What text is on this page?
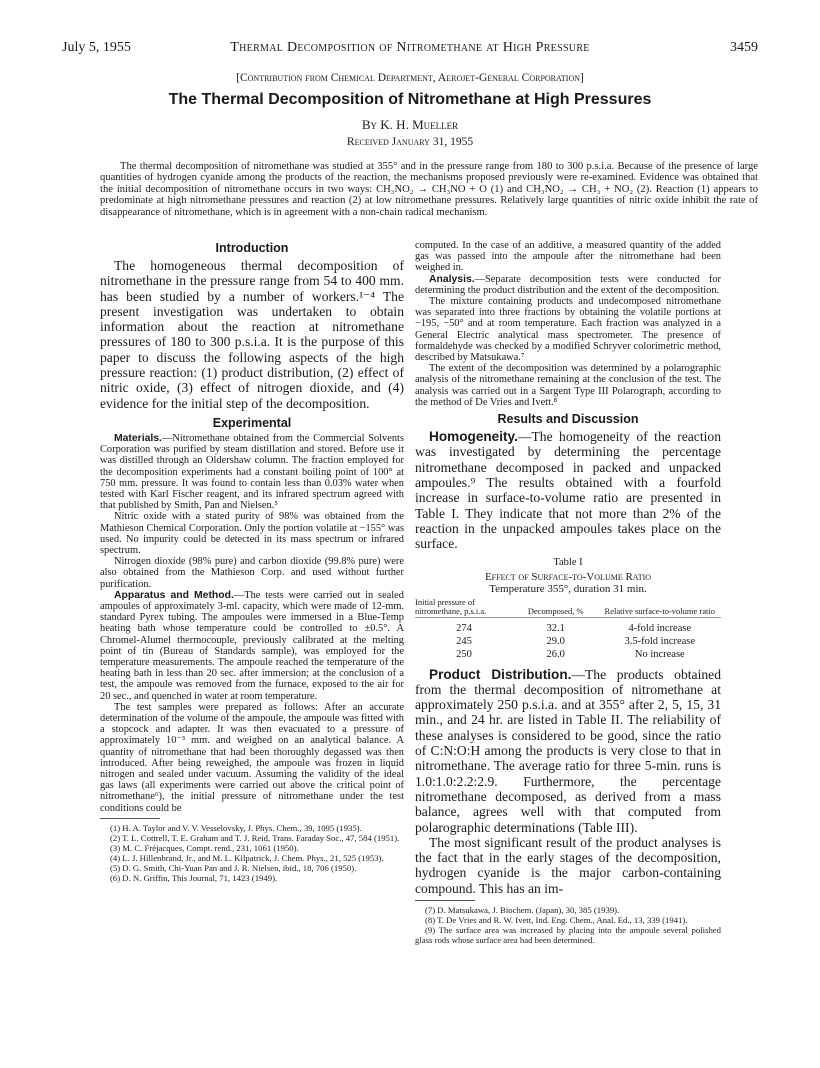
July 5, 1955	Thermal Decomposition of Nitromethane at High Pressure	3459
[Contribution from Chemical Department, Aerojet-General Corporation]
The Thermal Decomposition of Nitromethane at High Pressures
By K. H. Mueller
Received January 31, 1955
The thermal decomposition of nitromethane was studied at 355° and in the pressure range from 180 to 300 p.s.i.a. Because of the presence of large quantities of hydrogen cyanide among the products of the reaction, the mechanisms proposed previously were re-examined. Evidence was obtained that the initial decomposition of nitromethane occurs in two ways: CH₃NO₂ → CH₃NO + O (1) and CH₃NO₂ → CH₃ + NO₂ (2). Reaction (1) appears to predominate at high nitromethane pressures and reaction (2) at low nitromethane pressures. Relatively large quantities of nitric oxide inhibit the rate of disappearance of nitromethane, which is in agreement with a non-chain radical mechanism.
Introduction

The homogeneous thermal decomposition of nitromethane in the pressure range from 54 to 400 mm. has been studied by a number of workers.¹⁻⁴ The present investigation was undertaken to obtain information about the reaction at nitromethane pressures of 180 to 300 p.s.i.a. It is the purpose of this paper to discuss the following aspects of the high pressure reaction: (1) product distribution, (2) effect of nitric oxide, (3) effect of nitrogen dioxide, and (4) evidence for the initial step of the decomposition.

Experimental

Materials.—Nitromethane obtained from the Commercial Solvents Corporation was purified by steam distillation and stored. Before use it was distilled through an Oldershaw column. The fraction employed for the decomposition experiments had a constant boiling point of 100° at 750 mm. pressure. It was found to contain less than 0.03% water when tested with Karl Fischer reagent, and its infrared spectrum agreed with that published by Smith, Pan and Nielsen.⁵

Nitric oxide with a stated purity of 98% was obtained from the Mathieson Chemical Corporation. Only the portion volatile at −155° was used. No impurity could be detected in its mass spectrum or infrared spectrum.

Nitrogen dioxide (98% pure) and carbon dioxide (99.8% pure) were also obtained from the Mathieson Corp. and used without further purification.

Apparatus and Method.—The tests were carried out in sealed ampoules of approximately 3-ml. capacity, which were made of 12-mm. standard Pyrex tubing. The ampoules were immersed in a Blue-Temp heating bath whose temperature could be controlled to ±0.5°. A Chromel-Alumel thermocouple, previously calibrated at the melting point of tin (Bureau of Standards sample), was employed for the temperature measurements. The ampoule reached the temperature of the heating bath in less than 20 sec. after immersion; at the conclusion of a test, the ampoule was removed from the furnace, exposed to the air for 20 sec., and quenched in water at room temperature.

The test samples were prepared as follows: After an accurate determination of the volume of the ampoule, the ampoule was fitted with a stopcock and adapter. It was then evacuated to a pressure of approximately 10⁻³ mm. and weighed on an analytical balance. A quantity of nitromethane that had been thoroughly degassed was then introduced. After being reweighed, the ampoule was frozen in liquid nitrogen and sealed under vacuum. Assuming the validity of the ideal gas laws (all experiments were carried out above the critical point of nitromethane⁶), the initial pressure of nitromethane under the test conditions could be

(1) H. A. Taylor and V. V. Vesselovsky, J. Phys. Chem., 39, 1095 (1935).

(2) T. L. Cottrell, T. E. Graham and T. J. Reid, Trans. Faraday Soc., 47, 584 (1951).

(3) M. C. Fréjacques, Compt. rend., 231, 1061 (1950).

(4) L. J. Hillenbrand, Jr., and M. L. Kilpatrick, J. Chem. Phys., 21, 525 (1953).

(5) D. G. Smith, Chi-Yuan Pan and J. R. Nielsen, ibid., 18, 706 (1950).

(6) D. N. Griffin, This Journal, 71, 1423 (1949).

computed. In the case of an additive, a measured quantity of the added gas was passed into the ampoule after the nitromethane had been weighed in.

Analysis.—Separate decomposition tests were conducted for determining the product distribution and the extent of the decomposition.

The mixture containing products and undecomposed nitromethane was separated into three fractions by obtaining the volatile portions at −195, −50° and at room temperature. Each fraction was analyzed in a General Electric analytical mass spectrometer. The presence of formaldehyde was checked by a modified Schryver colorimetric method, described by Matsukawa.⁷

The extent of the decomposition was determined by a polarographic analysis of the nitromethane remaining at the conclusion of the test. The analysis was carried out in a Sargent Type III Polarograph, according to the method of De Vries and Ivett.⁸

Results and Discussion

Homogeneity.—The homogeneity of the reaction was investigated by determining the percentage nitromethane decomposed in packed and unpacked ampoules.⁹ The results obtained with a fourfold increase in surface-to-volume ratio are presented in Table I. They indicate that not more than 2% of the reaction in the unpacked ampoules takes place on the surface.

Table I
Effect of Surface-to-Volume Ratio
Temperature 355°, duration 31 min.
Initial pressure of nitromethane, p.s.i.a.	Decomposed, %	Relative surface-to-volume ratio

274	32.1	4-fold increase
245	29.0	3.5-fold increase
250	26.0	No increase

Product Distribution.—The products obtained from the thermal decomposition of nitromethane at approximately 250 p.s.i.a. and at 355° after 2, 5, 15, 31 min., and 24 hr. are listed in Table II. The reliability of these analyses is considered to be good, since the ratio of C:N:O:H among the products is very close to that in nitromethane. The average ratio for three 5-min. runs is 1.0:1.0:2.2:2.9. Furthermore, the percentage nitromethane decomposed, as derived from a mass balance, agrees well with that computed from polarographic determinations (Table III).

The most significant result of the product analyses is the fact that in the early stages of the decomposition, hydrogen cyanide is the major carbon-containing compound. This has an im-

(7) D. Matsukawa, J. Biochem. (Japan), 30, 385 (1939).

(8) T. De Vries and R. W. Ivett, Ind. Eng. Chem., Anal. Ed., 13, 339 (1941).

(9) The surface area was increased by placing into the ampoule several polished glass rods whose surface area had been determined.
